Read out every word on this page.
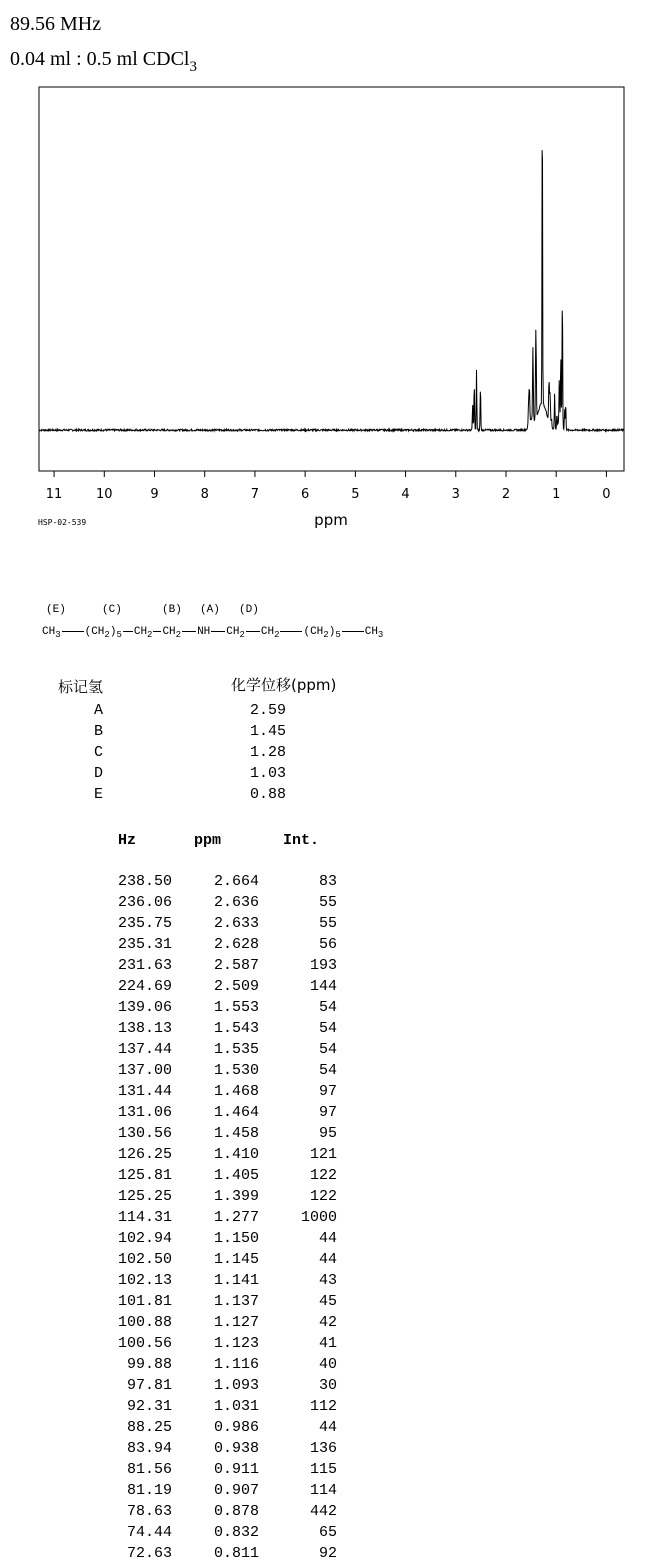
89.56 MHz
0.04 ml : 0.5 ml CDCl$_3$
11	10	9	8	7	6	5	4	3	2	1	0
ppm
HSP-02-539
(E)	(C)	(B) (A) (D)
$CH_3$ $(CH_2)_5$ $CH_2$ $CH_2$ NH $CH_2$ $CH_2$ $(CH_2)_5$ $CH_3$
标记氢	化学位移(ppm)
A	2.59
B	1.45
C	1.28
D	1.03
E	0.88
Hz	ppm	Int.
238.50	2.664	83
236.06	2.636	55
235.75	2.633	55
235.31	2.628	56
231.63	2.587	193
224.69	2.509	144
139.06	1.553	54
138.13	1.543	54
137.44	1.535	54
137.00	1.530	54
131.44	1.468	97
131.06	1.464	97
130.56	1.458	95
126.25	1.410	121
125.81	1.405	122
125.25	1.399	122
114.31	1.277	1000
102.94	1.150	44
102.50	1.145	44
102.13	1.141	43
101.81	1.137	45
100.88	1.127	42
100.56	1.123	41
99.88	1.116	40
97.81	1.093	30
92.31	1.031	112
88.25	0.986	44
83.94	0.938	136
81.56	0.911	115
81.19	0.907	114
78.63	0.878	442
74.44	0.832	65
72.63	0.811	92
